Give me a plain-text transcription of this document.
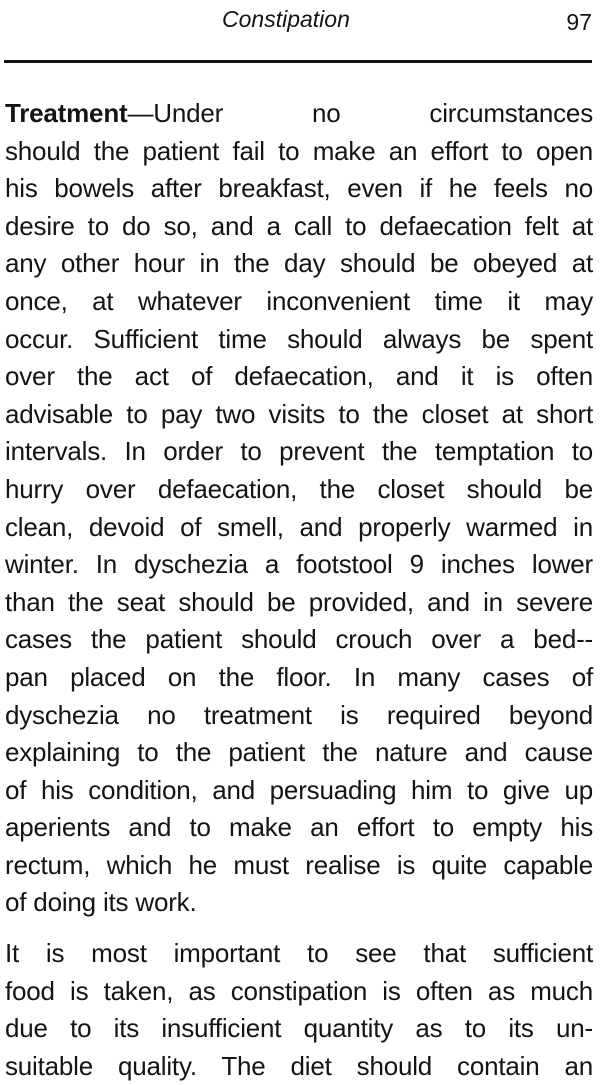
Constipation	97
Treatment—Under no circumstances
should the patient fail to make an effort to open
his bowels after breakfast, even if he feels no
desire to do so, and a call to defaecation felt at
any other hour in the day should be obeyed at
once, at whatever inconvenient time it may
occur. Sufficient time should always be spent
over the act of defaecation, and it is often
advisable to pay two visits to the closet at short
intervals. In order to prevent the temptation to
hurry over defaecation, the closet should be
clean, devoid of smell, and properly warmed in
winter. In dyschezia a footstool 9 inches lower
than the seat should be provided, and in severe
cases the patient should crouch over a bed--
pan placed on the floor. In many cases of
dyschezia no treatment is required beyond
explaining to the patient the nature and cause
of his condition, and persuading him to give up
aperients and to make an effort to empty his
rectum, which he must realise is quite capable
of doing its work.
It is most important to see that sufficient
food is taken, as constipation is often as much
due to its insufficient quantity as to its un-
suitable quality. The diet should contain an
